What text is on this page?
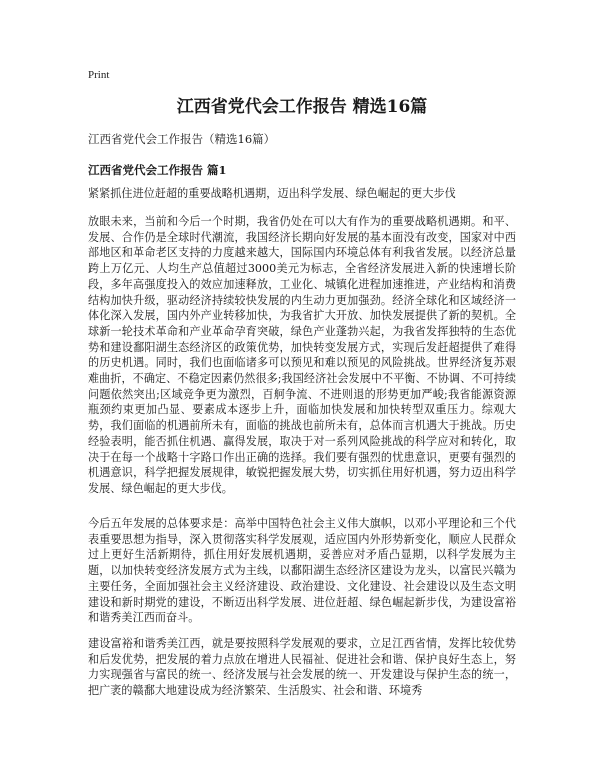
Print
江西省党代会工作报告 精选16篇
江西省党代会工作报告（精选16篇）
江西省党代会工作报告 篇1

紧紧抓住进位赶超的重要战略机遇期，迈出科学发展、绿色崛起的更大步伐

放眼未来，当前和今后一个时期，我省仍处在可以大有作为的重要战略机遇期。和平、发展、合作仍是全球时代潮流，我国经济长期向好发展的基本面没有改变，国家对中西部地区和革命老区支持的力度越来越大，国际国内环境总体有利我省发展。以经济总量跨上万亿元、人均生产总值超过3000美元为标志，全省经济发展进入新的快速增长阶段，多年高强度投入的效应加速释放，工业化、城镇化进程加速推进，产业结构和消费结构加快升级，驱动经济持续较快发展的内生动力更加强劲。经济全球化和区域经济一体化深入发展，国内外产业转移加快，为我省扩大开放、加快发展提供了新的契机。全球新一轮技术革命和产业革命孕育突破，绿色产业蓬勃兴起，为我省发挥独特的生态优势和建设鄱阳湖生态经济区的政策优势，加快转变发展方式，实现后发赶超提供了难得的历史机遇。同时，我们也面临诸多可以预见和难以预见的风险挑战。世界经济复苏艰难曲折，不确定、不稳定因素仍然很多;我国经济社会发展中不平衡、不协调、不可持续问题依然突出;区域竞争更为激烈，百舸争流、不进则退的形势更加严峻;我省能源资源瓶颈约束更加凸显、要素成本逐步上升，面临加快发展和加快转型双重压力。综观大势，我们面临的机遇前所未有，面临的挑战也前所未有，总体而言机遇大于挑战。历史经验表明，能否抓住机遇、赢得发展，取决于对一系列风险挑战的科学应对和转化，取决于在每一个战略十字路口作出正确的选择。我们要有强烈的忧患意识，更要有强烈的机遇意识，科学把握发展规律，敏锐把握发展大势，切实抓住用好机遇，努力迈出科学发展、绿色崛起的更大步伐。

今后五年发展的总体要求是：高举中国特色社会主义伟大旗帜，以邓小平理论和三个代表重要思想为指导，深入贯彻落实科学发展观，适应国内外形势新变化，顺应人民群众过上更好生活新期待，抓住用好发展机遇期，妥善应对矛盾凸显期，以科学发展为主题，以加快转变经济发展方式为主线，以鄱阳湖生态经济区建设为龙头，以富民兴赣为主要任务，全面加强社会主义经济建设、政治建设、文化建设、社会建设以及生态文明建设和新时期党的建设，不断迈出科学发展、进位赶超、绿色崛起新步伐，为建设富裕和谐秀美江西而奋斗。

建设富裕和谐秀美江西，就是要按照科学发展观的要求，立足江西省情，发挥比较优势和后发优势，把发展的着力点放在增进人民福祉、促进社会和谐、保护良好生态上，努力实现强省与富民的统一、经济发展与社会发展的统一、开发建设与保护生态的统一，把广袤的赣鄱大地建设成为经济繁荣、生活殷实、社会和谐、环境秀
